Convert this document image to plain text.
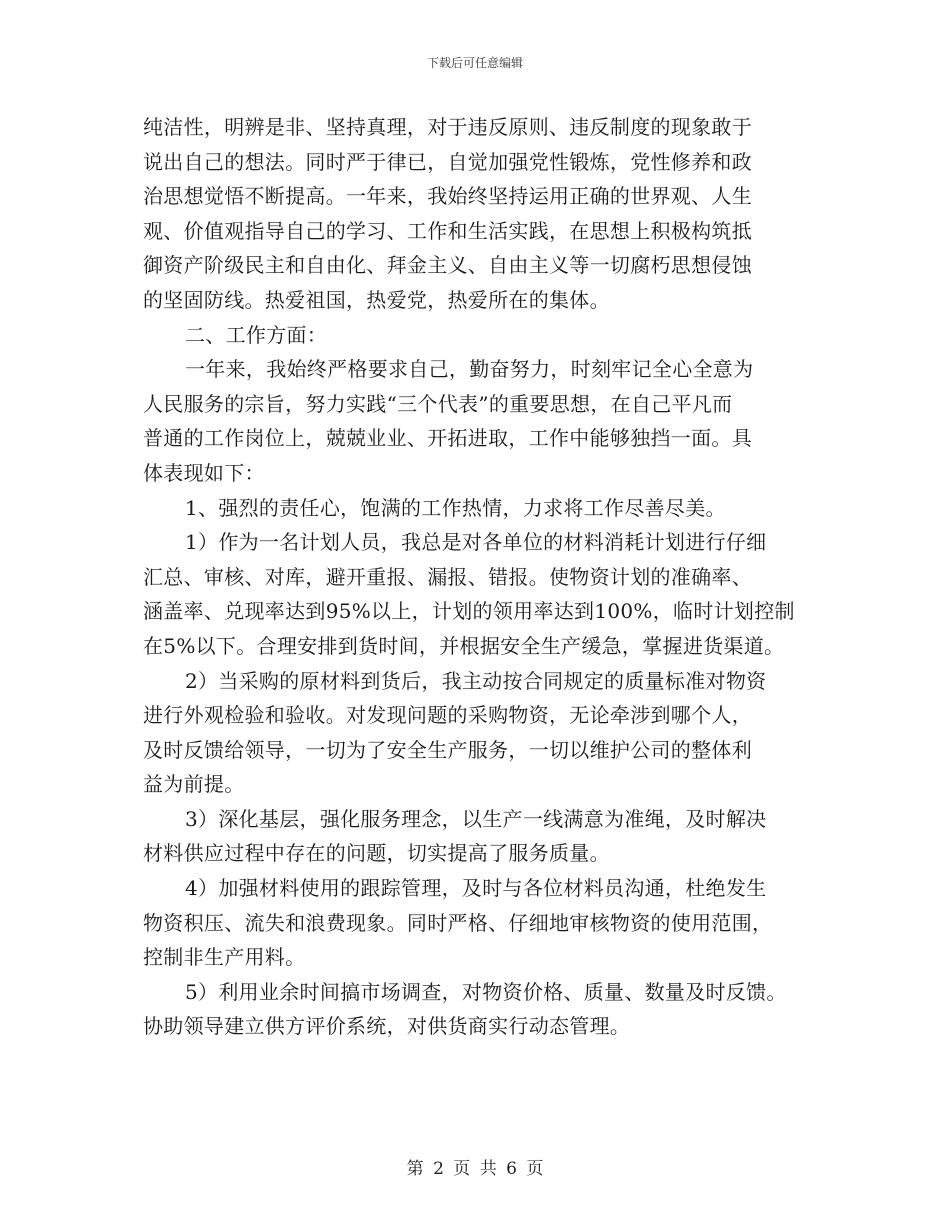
下载后可任意编辑
纯洁性，明辨是非、坚持真理，对于违反原则、违反制度的现象敢于
说出自己的想法。同时严于律已，自觉加强党性锻炼，党性修养和政
治思想觉悟不断提高。一年来，我始终坚持运用正确的世界观、人生
观、价值观指导自己的学习、工作和生活实践，在思想上积极构筑抵
御资产阶级民主和自由化、拜金主义、自由主义等一切腐朽思想侵蚀
的坚固防线。热爱祖国，热爱党，热爱所在的集体。
二、工作方面：
一年来，我始终严格要求自己，勤奋努力，时刻牢记全心全意为
人民服务的宗旨，努力实践“三个代表”的重要思想，在自己平凡而
普通的工作岗位上，兢兢业业、开拓进取，工作中能够独挡一面。具
体表现如下：
1、强烈的责任心，饱满的工作热情，力求将工作尽善尽美。
1）作为一名计划人员，我总是对各单位的材料消耗计划进行仔细
汇总、审核、对库，避开重报、漏报、错报。使物资计划的准确率、
涵盖率、兑现率达到95%以上，计划的领用率达到100%，临时计划控制
在5%以下。合理安排到货时间，并根据安全生产缓急，掌握进货渠道。
2）当采购的原材料到货后，我主动按合同规定的质量标准对物资
进行外观检验和验收。对发现问题的采购物资，无论牵涉到哪个人，
及时反馈给领导，一切为了安全生产服务，一切以维护公司的整体利
益为前提。
3）深化基层，强化服务理念，以生产一线满意为准绳，及时解决
材料供应过程中存在的问题，切实提高了服务质量。
4）加强材料使用的跟踪管理，及时与各位材料员沟通，杜绝发生
物资积压、流失和浪费现象。同时严格、仔细地审核物资的使用范围，
控制非生产用料。
5）利用业余时间搞市场调查，对物资价格、质量、数量及时反馈。
协助领导建立供方评价系统，对供货商实行动态管理。
第 2 页 共 6 页
